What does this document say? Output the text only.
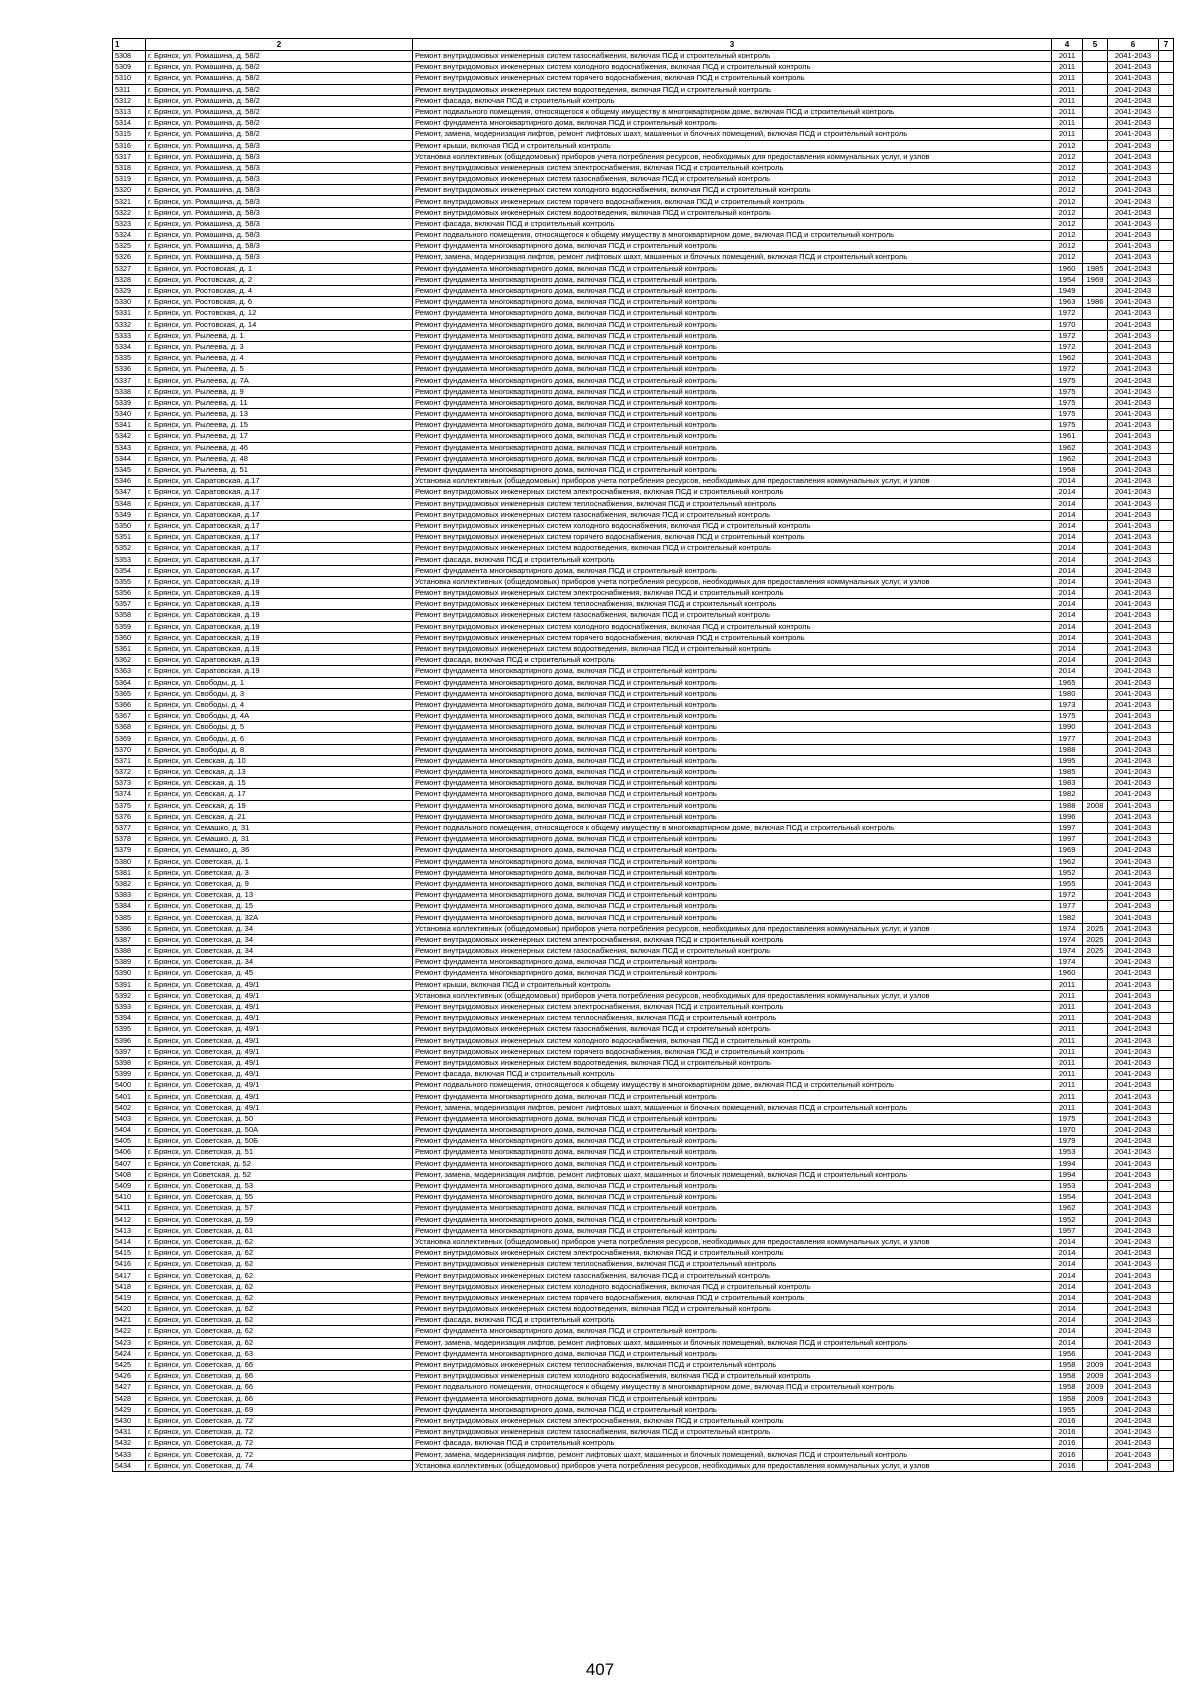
1	2	3	4	5	6	7
5308	г. Брянск, ул. Ромашина, д. 58/2	Ремонт внутридомовых инженерных систем газоснабжения, включая ПСД и строительный контроль	2011		2041-2043	
5309	г. Брянск, ул. Ромашина, д. 58/2	Ремонт внутридомовых инженерных систем холодного водоснабжения, включая ПСД и строительный контроль	2011		2041-2043	
5310	г. Брянск, ул. Ромашина, д. 58/2	Ремонт внутридомовых инженерных систем горячего водоснабжения, включая ПСД и строительный контроль	2011		2041-2043	
5311	г. Брянск, ул. Ромашина, д. 58/2	Ремонт внутридомовых инженерных систем водоотведения, включая ПСД и строительный контроль	2011		2041-2043	
5312	г. Брянск, ул. Ромашина, д. 58/2	Ремонт фасада, включая ПСД и строительный контроль	2011		2041-2043	
5313	г. Брянск, ул. Ромашина, д. 58/2	Ремонт подвального помещения, относящегося к общему имуществу в многоквартирном доме, включая ПСД и строительный контроль	2011		2041-2043	
5314	г. Брянск, ул. Ромашина, д. 58/2	Ремонт фундамента многоквартирного дома, включая ПСД и строительный контроль	2011		2041-2043	
5315	г. Брянск, ул. Ромашина, д. 58/2	Ремонт, замена, модернизация лифтов, ремонт лифтовых шахт, машинных и блочных помещений, включая ПСД и строительный контроль	2011		2041-2043	
5316	г. Брянск, ул. Ромашина, д. 58/3	Ремонт крыши, включая ПСД и строительный контроль	2012		2041-2043	
5317	г. Брянск, ул. Ромашина, д. 58/3	Установка коллективных (общедомовых) приборов учета потребления ресурсов, необходимых для предоставления коммунальных услуг, и узлов	2012		2041-2043	
5318	г. Брянск, ул. Ромашина, д. 58/3	Ремонт внутридомовых инженерных систем электроснабжения, включая ПСД и строительный контроль	2012		2041-2043	
5319	г. Брянск, ул. Ромашина, д. 58/3	Ремонт внутридомовых инженерных систем газоснабжения, включая ПСД и строительный контроль	2012		2041-2043	
5320	г. Брянск, ул. Ромашина, д. 58/3	Ремонт внутридомовых инженерных систем холодного водоснабжения, включая ПСД и строительный контроль	2012		2041-2043	
5321	г. Брянск, ул. Ромашина, д. 58/3	Ремонт внутридомовых инженерных систем горячего водоснабжения, включая ПСД и строительный контроль	2012		2041-2043	
5322	г. Брянск, ул. Ромашина, д. 58/3	Ремонт внутридомовых инженерных систем водоотведения, включая ПСД и строительный контроль	2012		2041-2043	
5323	г. Брянск, ул. Ромашина, д. 58/3	Ремонт фасада, включая ПСД и строительный контроль	2012		2041-2043	
5324	г. Брянск, ул. Ромашина, д. 58/3	Ремонт подвального помещения, относящегося к общему имуществу в многоквартирном доме, включая ПСД и строительный контроль	2012		2041-2043	
5325	г. Брянск, ул. Ромашина, д. 58/3	Ремонт фундамента многоквартирного дома, включая ПСД и строительный контроль	2012		2041-2043	
5326	г. Брянск, ул. Ромашина, д. 58/3	Ремонт, замена, модернизация лифтов, ремонт лифтовых шахт, машинных и блочных помещений, включая ПСД и строительный контроль	2012		2041-2043	
5327	г. Брянск, ул. Ростовская, д. 1	Ремонт фундамента многоквартирного дома, включая ПСД и строительный контроль	1960	1985	2041-2043	
5328	г. Брянск, ул. Ростовская, д. 2	Ремонт фундамента многоквартирного дома, включая ПСД и строительный контроль	1954	1969	2041-2043	
5329	г. Брянск, ул. Ростовская, д. 4	Ремонт фундамента многоквартирного дома, включая ПСД и строительный контроль	1949		2041-2043	
5330	г. Брянск, ул. Ростовская, д. 6	Ремонт фундамента многоквартирного дома, включая ПСД и строительный контроль	1963	1986	2041-2043	
5331	г. Брянск, ул. Ростовская, д. 12	Ремонт фундамента многоквартирного дома, включая ПСД и строительный контроль	1972		2041-2043	
5332	г. Брянск, ул. Ростовская, д. 14	Ремонт фундамента многоквартирного дома, включая ПСД и строительный контроль	1970		2041-2043	
5333	г. Брянск, ул. Рылеева, д. 1	Ремонт фундамента многоквартирного дома, включая ПСД и строительный контроль	1972		2041-2043	
5334	г. Брянск, ул. Рылеева, д. 3	Ремонт фундамента многоквартирного дома, включая ПСД и строительный контроль	1972		2041-2043	
5335	г. Брянск, ул. Рылеева, д. 4	Ремонт фундамента многоквартирного дома, включая ПСД и строительный контроль	1962		2041-2043	
5336	г. Брянск, ул. Рылеева, д. 5	Ремонт фундамента многоквартирного дома, включая ПСД и строительный контроль	1972		2041-2043	
5337	г. Брянск, ул. Рылеева, д. 7А	Ремонт фундамента многоквартирного дома, включая ПСД и строительный контроль	1975		2041-2043	
5338	г. Брянск, ул. Рылеева, д. 9	Ремонт фундамента многоквартирного дома, включая ПСД и строительный контроль	1975		2041-2043	
5339	г. Брянск, ул. Рылеева, д. 11	Ремонт фундамента многоквартирного дома, включая ПСД и строительный контроль	1975		2041-2043	
5340	г. Брянск, ул. Рылеева, д. 13	Ремонт фундамента многоквартирного дома, включая ПСД и строительный контроль	1975		2041-2043	
5341	г. Брянск, ул. Рылеева, д. 15	Ремонт фундамента многоквартирного дома, включая ПСД и строительный контроль	1975		2041-2043	
5342	г. Брянск, ул. Рылеева, д. 17	Ремонт фундамента многоквартирного дома, включая ПСД и строительный контроль	1961		2041-2043	
5343	г. Брянск, ул. Рылеева, д. 46	Ремонт фундамента многоквартирного дома, включая ПСД и строительный контроль	1962		2041-2043	
5344	г. Брянск, ул. Рылеева, д. 48	Ремонт фундамента многоквартирного дома, включая ПСД и строительный контроль	1962		2041-2043	
5345	г. Брянск, ул. Рылеева, д. 51	Ремонт фундамента многоквартирного дома, включая ПСД и строительный контроль	1958		2041-2043	
5346	г. Брянск, ул. Саратовская, д.17	Установка коллективных (общедомовых) приборов учета потребления ресурсов, необходимых для предоставления коммунальных услуг, и узлов	2014		2041-2043	
5347	г. Брянск, ул. Саратовская, д.17	Ремонт внутридомовых инженерных систем электроснабжения, включая ПСД и строительный контроль	2014		2041-2043	
5348	г. Брянск, ул. Саратовская, д.17	Ремонт внутридомовых инженерных систем теплоснабжения, включая ПСД и строительный контроль	2014		2041-2043	
5349	г. Брянск, ул. Саратовская, д.17	Ремонт внутридомовых инженерных систем газоснабжения, включая ПСД и строительный контроль	2014		2041-2043	
5350	г. Брянск, ул. Саратовская, д.17	Ремонт внутридомовых инженерных систем холодного водоснабжения, включая ПСД и строительный контроль	2014		2041-2043	
5351	г. Брянск, ул. Саратовская, д.17	Ремонт внутридомовых инженерных систем горячего водоснабжения, включая ПСД и строительный контроль	2014		2041-2043	
5352	г. Брянск, ул. Саратовская, д.17	Ремонт внутридомовых инженерных систем водоотведения, включая ПСД и строительный контроль	2014		2041-2043	
5353	г. Брянск, ул. Саратовская, д.17	Ремонт фасада, включая ПСД и строительный контроль	2014		2041-2043	
5354	г. Брянск, ул. Саратовская, д.17	Ремонт фундамента многоквартирного дома, включая ПСД и строительный контроль	2014		2041-2043	
5355	г. Брянск, ул. Саратовская, д.19	Установка коллективных (общедомовых) приборов учета потребления ресурсов, необходимых для предоставления коммунальных услуг, и узлов	2014		2041-2043	
5356	г. Брянск, ул. Саратовская, д.19	Ремонт внутридомовых инженерных систем электроснабжения, включая ПСД и строительный контроль	2014		2041-2043	
5357	г. Брянск, ул. Саратовская, д.19	Ремонт внутридомовых инженерных систем теплоснабжения, включая ПСД и строительный контроль	2014		2041-2043	
5358	г. Брянск, ул. Саратовская, д.19	Ремонт внутридомовых инженерных систем газоснабжения, включая ПСД и строительный контроль	2014		2041-2043	
5359	г. Брянск, ул. Саратовская, д.19	Ремонт внутридомовых инженерных систем холодного водоснабжения, включая ПСД и строительный контроль	2014		2041-2043	
5360	г. Брянск, ул. Саратовская, д.19	Ремонт внутридомовых инженерных систем горячего водоснабжения, включая ПСД и строительный контроль	2014		2041-2043	
5361	г. Брянск, ул. Саратовская, д.19	Ремонт внутридомовых инженерных систем водоотведения, включая ПСД и строительный контроль	2014		2041-2043	
5362	г. Брянск, ул. Саратовская, д.19	Ремонт фасада, включая ПСД и строительный контроль	2014		2041-2043	
5363	г. Брянск, ул. Саратовская, д.19	Ремонт фундамента многоквартирного дома, включая ПСД и строительный контроль	2014		2041-2043	
5364	г. Брянск, ул. Свободы, д. 1	Ремонт фундамента многоквартирного дома, включая ПСД и строительный контроль	1965		2041-2043	
5365	г. Брянск, ул. Свободы, д. 3	Ремонт фундамента многоквартирного дома, включая ПСД и строительный контроль	1980		2041-2043	
5366	г. Брянск, ул. Свободы, д. 4	Ремонт фундамента многоквартирного дома, включая ПСД и строительный контроль	1973		2041-2043	
5367	г. Брянск, ул. Свободы, д. 4А	Ремонт фундамента многоквартирного дома, включая ПСД и строительный контроль	1975		2041-2043	
5368	г. Брянск, ул. Свободы, д. 5	Ремонт фундамента многоквартирного дома, включая ПСД и строительный контроль	1990		2041-2043	
5369	г. Брянск, ул. Свободы, д. 6	Ремонт фундамента многоквартирного дома, включая ПСД и строительный контроль	1977		2041-2043	
5370	г. Брянск, ул. Свободы, д. 8	Ремонт фундамента многоквартирного дома, включая ПСД и строительный контроль	1988		2041-2043	
5371	г. Брянск, ул. Севская, д. 10	Ремонт фундамента многоквартирного дома, включая ПСД и строительный контроль	1995		2041-2043	
5372	г. Брянск, ул. Севская, д. 13	Ремонт фундамента многоквартирного дома, включая ПСД и строительный контроль	1985		2041-2043	
5373	г. Брянск, ул. Севская, д. 15	Ремонт фундамента многоквартирного дома, включая ПСД и строительный контроль	1983		2041-2043	
5374	г. Брянск, ул. Севская, д. 17	Ремонт фундамента многоквартирного дома, включая ПСД и строительный контроль	1982		2041-2043	
5375	г. Брянск, ул. Севская, д. 19	Ремонт фундамента многоквартирного дома, включая ПСД и строительный контроль	1988	2008	2041-2043	
5376	г. Брянск, ул. Севская, д. 21	Ремонт фундамента многоквартирного дома, включая ПСД и строительный контроль	1996		2041-2043	
5377	г. Брянск, ул. Семашко, д. 31	Ремонт подвального помещения, относящегося к общему имуществу в многоквартирном доме, включая ПСД и строительный контроль	1997		2041-2043	
5378	г. Брянск, ул. Семашко, д. 31	Ремонт фундамента многоквартирного дома, включая ПСД и строительный контроль	1997		2041-2043	
5379	г. Брянск, ул. Семашко, д. 36	Ремонт фундамента многоквартирного дома, включая ПСД и строительный контроль	1969		2041-2043	
5380	г. Брянск, ул. Советская, д. 1	Ремонт фундамента многоквартирного дома, включая ПСД и строительный контроль	1962		2041-2043	
5381	г. Брянск, ул. Советская, д. 3	Ремонт фундамента многоквартирного дома, включая ПСД и строительный контроль	1952		2041-2043	
5382	г. Брянск, ул. Советская, д. 9	Ремонт фундамента многоквартирного дома, включая ПСД и строительный контроль	1955		2041-2043	
5383	г. Брянск, ул. Советская, д. 13	Ремонт фундамента многоквартирного дома, включая ПСД и строительный контроль	1972		2041-2043	
5384	г. Брянск, ул. Советская, д. 15	Ремонт фундамента многоквартирного дома, включая ПСД и строительный контроль	1977		2041-2043	
5385	г. Брянск, ул. Советская, д. 32А	Ремонт фундамента многоквартирного дома, включая ПСД и строительный контроль	1982		2041-2043	
5386	г. Брянск, ул. Советская, д. 34	Установка коллективных (общедомовых) приборов учета потребления ресурсов, необходимых для предоставления коммунальных услуг, и узлов	1974	2025	2041-2043	
5387	г. Брянск, ул. Советская, д. 34	Ремонт внутридомовых инженерных систем электроснабжения, включая ПСД и строительный контроль	1974	2025	2041-2043	
5388	г. Брянск, ул. Советская, д. 34	Ремонт внутридомовых инженерных систем газоснабжения, включая ПСД и строительный контроль	1974	2025	2041-2043	
5389	г. Брянск, ул. Советская, д. 34	Ремонт фундамента многоквартирного дома, включая ПСД и строительный контроль	1974		2041-2043	
5390	г. Брянск, ул. Советская, д. 45	Ремонт фундамента многоквартирного дома, включая ПСД и строительный контроль	1960		2041-2043	
5391	г. Брянск, ул. Советская, д. 49/1	Ремонт крыши, включая ПСД и строительный контроль	2011		2041-2043	
5392	г. Брянск, ул. Советская, д. 49/1	Установка коллективных (общедомовых) приборов учета потребления ресурсов, необходимых для предоставления коммунальных услуг, и узлов	2011		2041-2043	
5393	г. Брянск, ул. Советская, д. 49/1	Ремонт внутридомовых инженерных систем электроснабжения, включая ПСД и строительный контроль	2011		2041-2043	
5394	г. Брянск, ул. Советская, д. 49/1	Ремонт внутридомовых инженерных систем теплоснабжения, включая ПСД и строительный контроль	2011		2041-2043	
5395	г. Брянск, ул. Советская, д. 49/1	Ремонт внутридомовых инженерных систем газоснабжения, включая ПСД и строительный контроль	2011		2041-2043	
5396	г. Брянск, ул. Советская, д. 49/1	Ремонт внутридомовых инженерных систем холодного водоснабжения, включая ПСД и строительный контроль	2011		2041-2043	
5397	г. Брянск, ул. Советская, д. 49/1	Ремонт внутридомовых инженерных систем горячего водоснабжения, включая ПСД и строительный контроль	2011		2041-2043	
5398	г. Брянск, ул. Советская, д. 49/1	Ремонт внутридомовых инженерных систем водоотведения, включая ПСД и строительный контроль	2011		2041-2043	
5399	г. Брянск, ул. Советская, д. 49/1	Ремонт фасада, включая ПСД и строительный контроль	2011		2041-2043	
5400	г. Брянск, ул. Советская, д. 49/1	Ремонт подвального помещения, относящегося к общему имуществу в многоквартирном доме, включая ПСД и строительный контроль	2011		2041-2043	
5401	г. Брянск, ул. Советская, д. 49/1	Ремонт фундамента многоквартирного дома, включая ПСД и строительный контроль	2011		2041-2043	
5402	г. Брянск, ул. Советская, д. 49/1	Ремонт, замена, модернизация лифтов, ремонт лифтовых шахт, машинных и блочных помещений, включая ПСД и строительный контроль	2011		2041-2043	
5403	г. Брянск, ул. Советская, д. 50	Ремонт фундамента многоквартирного дома, включая ПСД и строительный контроль	1975		2041-2043	
5404	г. Брянск, ул. Советская, д. 50А	Ремонт фундамента многоквартирного дома, включая ПСД и строительный контроль	1970		2041-2043	
5405	г. Брянск, ул. Советская, д. 50Б	Ремонт фундамента многоквартирного дома, включая ПСД и строительный контроль	1979		2041-2043	
5406	г. Брянск, ул. Советская, д. 51	Ремонт фундамента многоквартирного дома, включая ПСД и строительный контроль	1953		2041-2043	
5407	г. Брянск, ул Советская, д. 52	Ремонт фундамента многоквартирного дома, включая ПСД и строительный контроль	1994		2041-2043	
5408	г. Брянск, ул Советская, д. 52	Ремонт, замена, модернизация лифтов, ремонт лифтовых шахт, машинных и блочных помещений, включая ПСД и строительный контроль	1994		2041-2043	
5409	г. Брянск, ул. Советская, д. 53	Ремонт фундамента многоквартирного дома, включая ПСД и строительный контроль	1953		2041-2043	
5410	г. Брянск, ул. Советская, д. 55	Ремонт фундамента многоквартирного дома, включая ПСД и строительный контроль	1954		2041-2043	
5411	г. Брянск, ул. Советская, д. 57	Ремонт фундамента многоквартирного дома, включая ПСД и строительный контроль	1962		2041-2043	
5412	г. Брянск, ул. Советская, д. 59	Ремонт фундамента многоквартирного дома, включая ПСД и строительный контроль	1952		2041-2043	
5413	г. Брянск, ул. Советская, д. 61	Ремонт фундамента многоквартирного дома, включая ПСД и строительный контроль	1957		2041-2043	
5414	г. Брянск, ул. Советская, д. 62	Установка коллективных (общедомовых) приборов учета потребления ресурсов, необходимых для предоставления коммунальных услуг, и узлов	2014		2041-2043	
5415	г. Брянск, ул. Советская, д. 62	Ремонт внутридомовых инженерных систем электроснабжения, включая ПСД и строительный контроль	2014		2041-2043	
5416	г. Брянск, ул. Советская, д. 62	Ремонт внутридомовых инженерных систем теплоснабжения, включая ПСД и строительный контроль	2014		2041-2043	
5417	г. Брянск, ул. Советская, д. 62	Ремонт внутридомовых инженерных систем газоснабжения, включая ПСД и строительный контроль	2014		2041-2043	
5418	г. Брянск, ул. Советская, д. 62	Ремонт внутридомовых инженерных систем холодного водоснабжения, включая ПСД и строительный контроль	2014		2041-2043	
5419	г. Брянск, ул. Советская, д. 62	Ремонт внутридомовых инженерных систем горячего водоснабжения, включая ПСД и строительный контроль	2014		2041-2043	
5420	г. Брянск, ул. Советская, д. 62	Ремонт внутридомовых инженерных систем водоотведения, включая ПСД и строительный контроль	2014		2041-2043	
5421	г. Брянск, ул. Советская, д. 62	Ремонт фасада, включая ПСД и строительный контроль	2014		2041-2043	
5422	г. Брянск, ул. Советская, д. 62	Ремонт фундамента многоквартирного дома, включая ПСД и строительный контроль	2014		2041-2043	
5423	г. Брянск, ул. Советская, д. 62	Ремонт, замена, модернизация лифтов, ремонт лифтовых шахт, машинных и блочных помещений, включая ПСД и строительный контроль	2014		2041-2043	
5424	г. Брянск, ул. Советская, д. 63	Ремонт фундамента многоквартирного дома, включая ПСД и строительный контроль	1956		2041-2043	
5425	г. Брянск, ул. Советская, д. 66	Ремонт внутридомовых инженерных систем теплоснабжения, включая ПСД и строительный контроль	1958	2009	2041-2043	
5426	г. Брянск, ул. Советская, д. 66	Ремонт внутридомовых инженерных систем холодного водоснабжения, включая ПСД и строительный контроль	1958	2009	2041-2043	
5427	г. Брянск, ул. Советская, д. 66	Ремонт подвального помещения, относящегося к общему имуществу в многоквартирном доме, включая ПСД и строительный контроль	1958	2009	2041-2043	
5428	г. Брянск, ул. Советская, д. 66	Ремонт фундамента многоквартирного дома, включая ПСД и строительный контроль	1958	2009	2041-2043	
5429	г. Брянск, ул. Советская, д. 69	Ремонт фундамента многоквартирного дома, включая ПСД и строительный контроль	1955		2041-2043	
5430	г. Брянск, ул. Советская, д. 72	Ремонт внутридомовых инженерных систем электроснабжения, включая ПСД и строительный контроль	2016		2041-2043	
5431	г. Брянск, ул. Советская, д. 72	Ремонт внутридомовых инженерных систем газоснабжения, включая ПСД и строительный контроль	2016		2041-2043	
5432	г. Брянск, ул. Советская, д. 72	Ремонт фасада, включая ПСД и строительный контроль	2016		2041-2043	
5433	г. Брянск, ул. Советская, д. 72	Ремонт, замена, модернизация лифтов, ремонт лифтовых шахт, машинных и блочных помещений, включая ПСД и строительный контроль	2016		2041-2043	
5434	г. Брянск, ул. Советская, д. 74	Установка коллективных (общедомовых) приборов учета потребления ресурсов, необходимых для предоставления коммунальных услуг, и узлов	2016		2041-2043	
407
